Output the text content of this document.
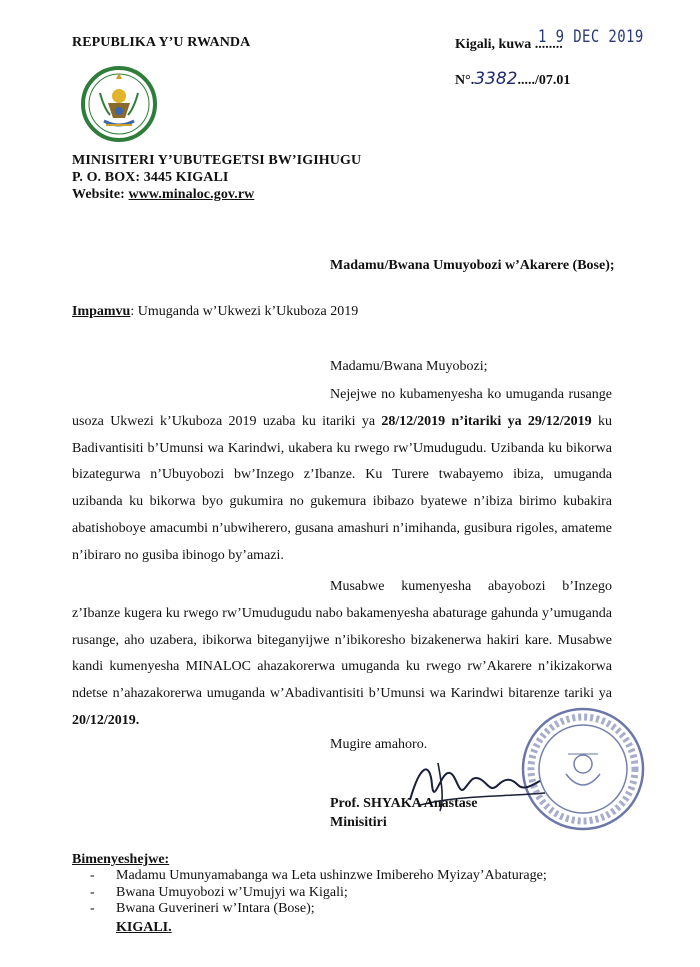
REPUBLIKA Y’U RWANDA	Kigali, kuwa ........
1 9 DEC 2019
N°.3382...../07.01
MINISITERI Y’UBUTEGETSI BW’IGIHUGU
P. O. BOX: 3445 KIGALI
Website: www.minaloc.gov.rw
Madamu/Bwana Umuyobozi w’Akarere (Bose);
Impamvu: Umuganda w’Ukwezi k’Ukuboza 2019
Madamu/Bwana Muyobozi;

Nejejwe no kubamenyesha ko umuganda rusange usoza Ukwezi k’Ukuboza 2019 uzaba ku itariki ya 28/12/2019 n’itariki ya 29/12/2019 ku Badivantisiti b’Umunsi wa Karindwi, ukabera ku rwego rw’Umudugudu. Uzibanda ku bikorwa bizategurwa n’Ubuyobozi bw’Inzego z’Ibanze. Ku Turere twabayemo ibiza, umuganda uzibanda ku bikorwa byo gukumira no gukemura ibibazo byatewe n’ibiza birimo kubakira abatishoboye amacumbi n’ubwiherero, gusana amashuri n’imihanda, gusibura rigoles, amateme n’ibiraro no gusiba ibinogo by’amazi.

Musabwe kumenyesha abayobozi b’Inzego z’Ibanze kugera ku rwego rw’Umudugudu nabo bakamenyesha abaturage gahunda y’umuganda rusange, aho uzabera, ibikorwa biteganyijwe n’ibikoresho bizakenerwa hakiri kare. Musabwe kandi kumenyesha MINALOC ahazakorerwa umuganda ku rwego rw’Akarere n’ikizakorwa ndetse n’ahazakorerwa umuganda w’Abadivantisiti b’Umunsi wa Karindwi bitarenze tariki ya 20/12/2019.

Mugire amahoro.
Prof. SHYAKA Anastase
Minisitiri
Bimenyeshejwe:
- Madamu Umunyamabanga wa Leta ushinzwe Imibereho Myizay’Abaturage;
- Bwana Umuyobozi w’Umujyi wa Kigali;
- Bwana Guverineri w’Intara (Bose);
KIGALI.
